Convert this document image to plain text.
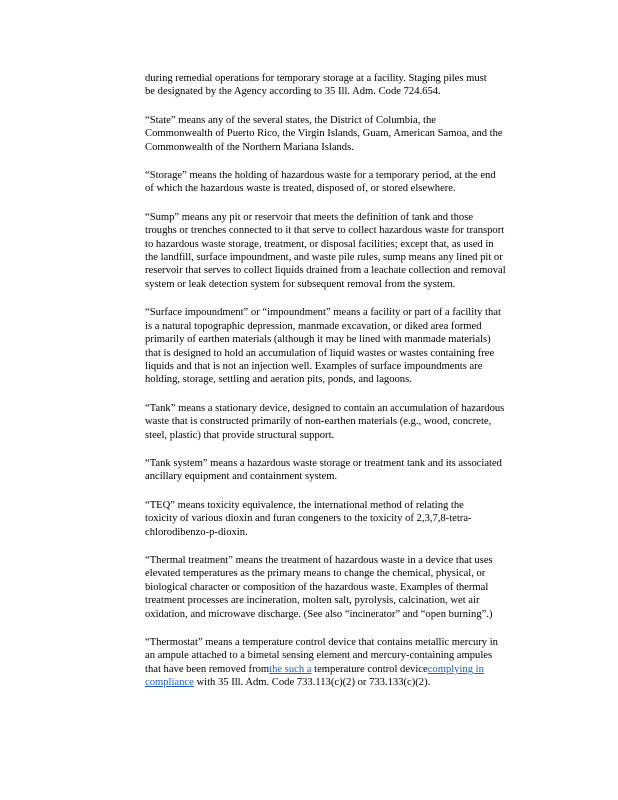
during remedial operations for temporary storage at a facility. Staging piles must
be designated by the Agency according to 35 Ill. Adm. Code 724.654.

“State” means any of the several states, the District of Columbia, the
Commonwealth of Puerto Rico, the Virgin Islands, Guam, American Samoa, and the
Commonwealth of the Northern Mariana Islands.

“Storage” means the holding of hazardous waste for a temporary period, at the end
of which the hazardous waste is treated, disposed of, or stored elsewhere.

“Sump” means any pit or reservoir that meets the definition of tank and those
troughs or trenches connected to it that serve to collect hazardous waste for transport
to hazardous waste storage, treatment, or disposal facilities; except that, as used in
the landfill, surface impoundment, and waste pile rules, sump means any lined pit or
reservoir that serves to collect liquids drained from a leachate collection and removal
system or leak detection system for subsequent removal from the system.

“Surface impoundment” or “impoundment” means a facility or part of a facility that
is a natural topographic depression, manmade excavation, or diked area formed
primarily of earthen materials (although it may be lined with manmade materials)
that is designed to hold an accumulation of liquid wastes or wastes containing free
liquids and that is not an injection well. Examples of surface impoundments are
holding, storage, settling and aeration pits, ponds, and lagoons.

“Tank” means a stationary device, designed to contain an accumulation of hazardous
waste that is constructed primarily of non-earthen materials (e.g., wood, concrete,
steel, plastic) that provide structural support.

“Tank system” means a hazardous waste storage or treatment tank and its associated
ancillary equipment and containment system.

“TEQ” means toxicity equivalence, the international method of relating the
toxicity of various dioxin and furan congeners to the toxicity of 2,3,7,8-tetra-
chlorodibenzo-p-dioxin.

“Thermal treatment” means the treatment of hazardous waste in a device that uses
elevated temperatures as the primary means to change the chemical, physical, or
biological character or composition of the hazardous waste. Examples of thermal
treatment processes are incineration, molten salt, pyrolysis, calcination, wet air
oxidation, and microwave discharge. (See also “incinerator” and “open burning”.)

“Thermostat” means a temperature control device that contains metallic mercury in
an ampule attached to a bimetal sensing element and mercury-containing ampules
that have been removed fromthe such a temperature control devicecomplying in
compliance with 35 Ill. Adm. Code 733.113(c)(2) or 733.133(c)(2).
